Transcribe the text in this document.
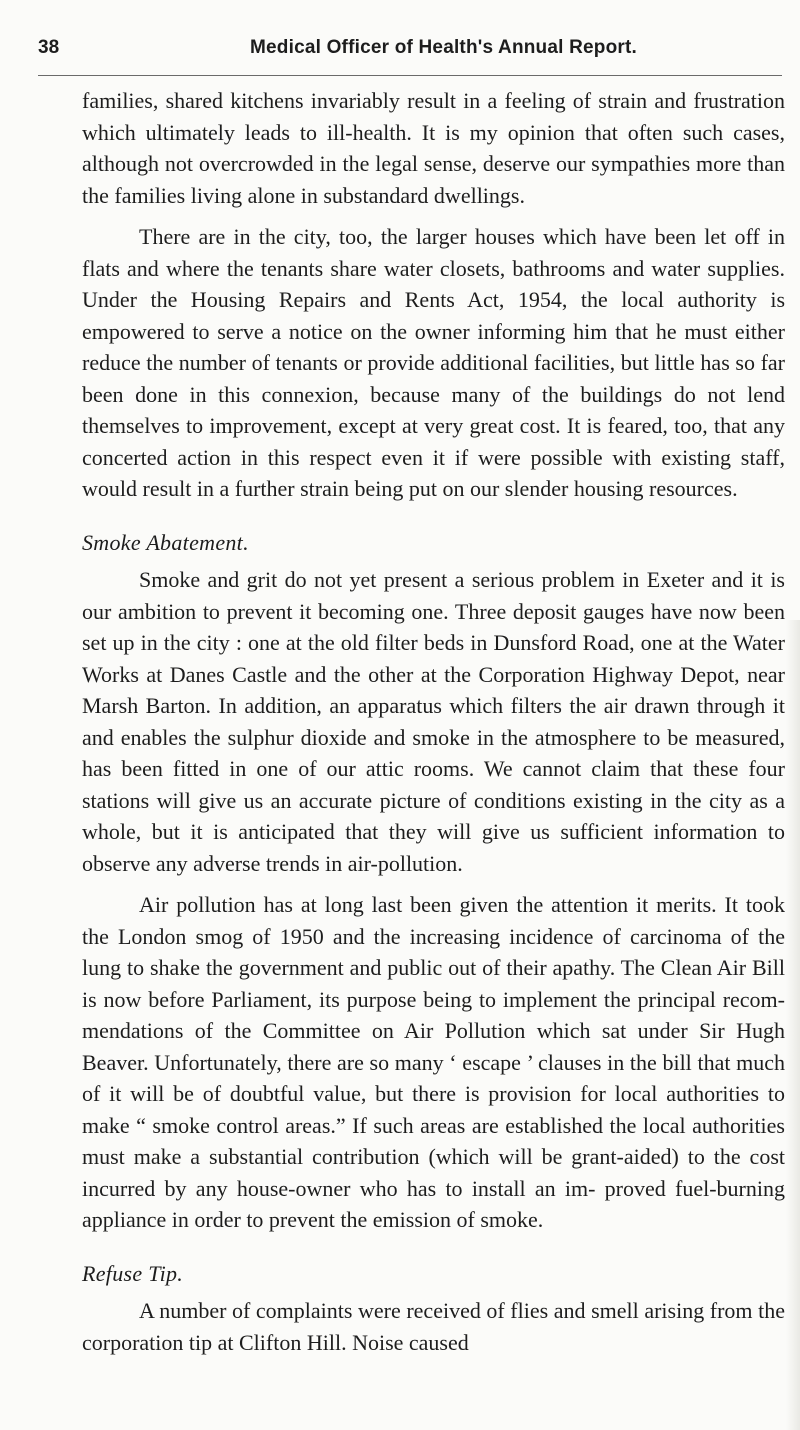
38	Medical Officer of Health's Annual Report.

families, shared kitchens invariably result in a feeling of strain and frustration which ultimately leads to ill-health. It is my opinion that often such cases, although not overcrowded in the legal sense, deserve our sympathies more than the families living alone in substandard dwellings.

There are in the city, too, the larger houses which have been let off in flats and where the tenants share water closets, bathrooms and water supplies. Under the Housing Repairs and Rents Act, 1954, the local authority is empowered to serve a notice on the owner informing him that he must either reduce the number of tenants or provide additional facilities, but little has so far been done in this connexion, because many of the buildings do not lend themselves to improvement, except at very great cost. It is feared, too, that any concerted action in this respect even it if were possible with existing staff, would result in a further strain being put on our slender housing resources.

Smoke Abatement.

Smoke and grit do not yet present a serious problem in Exeter and it is our ambition to prevent it becoming one. Three deposit gauges have now been set up in the city : one at the old filter beds in Dunsford Road, one at the Water Works at Danes Castle and the other at the Corporation Highway Depot, near Marsh Barton. In addition, an apparatus which filters the air drawn through it and enables the sulphur dioxide and smoke in the atmosphere to be measured, has been fitted in one of our attic rooms. We cannot claim that these four stations will give us an accurate picture of conditions existing in the city as a whole, but it is anticipated that they will give us sufficient information to observe any adverse trends in air-pollution.

Air pollution has at long last been given the attention it merits. It took the London smog of 1950 and the increasing incidence of carcinoma of the lung to shake the government and public out of their apathy. The Clean Air Bill is now before Parliament, its purpose being to implement the principal recom- mendations of the Committee on Air Pollution which sat under Sir Hugh Beaver. Unfortunately, there are so many ‘ escape ’ clauses in the bill that much of it will be of doubtful value, but there is provision for local authorities to make “ smoke control areas.” If such areas are established the local authorities must make a substantial contribution (which will be grant-aided) to the cost incurred by any house-owner who has to install an im- proved fuel-burning appliance in order to prevent the emission of smoke.

Refuse Tip.

A number of complaints were received of flies and smell arising from the corporation tip at Clifton Hill. Noise caused
